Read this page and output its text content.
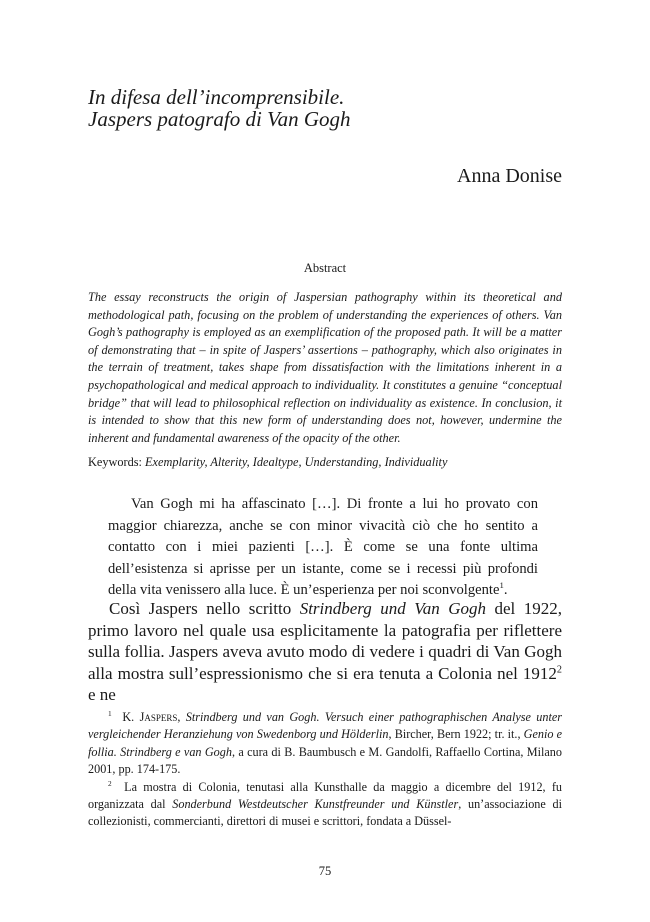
In difesa dell’incomprensibile.
Jaspers patografo di Van Gogh
Anna Donise
Abstract
The essay reconstructs the origin of Jaspersian pathography within its theoretical and methodological path, focusing on the problem of understanding the experiences of others. Van Gogh’s pathography is employed as an exemplification of the proposed path. It will be a matter of demonstrating that – in spite of Jaspers’ assertions – pathography, which also originates in the terrain of treatment, takes shape from dissatisfaction with the limitations inherent in a psychopathological and medical approach to individuality. It constitutes a genuine “conceptual bridge” that will lead to philosophical reflection on individuality as existence. In conclusion, it is intended to show that this new form of understanding does not, however, undermine the inherent and fundamental awareness of the opacity of the other.
Keywords: Exemplarity, Alterity, Idealtype, Understanding, Individuality
Van Gogh mi ha affascinato […]. Di fronte a lui ho provato con maggior chiarezza, anche se con minor vivacità ciò che ho sentito a contatto con i miei pazienti […]. È come se una fonte ultima dell’esistenza si aprisse per un istante, come se i recessi più profondi della vita venissero alla luce. È un’esperienza per noi sconvolgente$^1$.
Così Jaspers nello scritto Strindberg und Van Gogh del 1922, primo lavoro nel quale usa esplicitamente la patografia per riflettere sulla follia. Jaspers aveva avuto modo di vedere i quadri di Van Gogh alla mostra sull’espressionismo che si era tenuta a Colonia nel 1912$^2$ e ne
$^1$ K. Jaspers, Strindberg und van Gogh. Versuch einer pathographischen Analyse unter vergleichender Heranziehung von Swedenborg und Hölderlin, Bircher, Bern 1922; tr. it., Genio e follia. Strindberg e van Gogh, a cura di B. Baumbusch e M. Gandolfi, Raffaello Cortina, Milano 2001, pp. 174-175.
$^2$ La mostra di Colonia, tenutasi alla Kunsthalle da maggio a dicembre del 1912, fu organizzata dal Sonderbund Westdeutscher Kunstfreunder und Künstler, un’associazione di collezionisti, commercianti, direttori di musei e scrittori, fondata a Düssel-
75
